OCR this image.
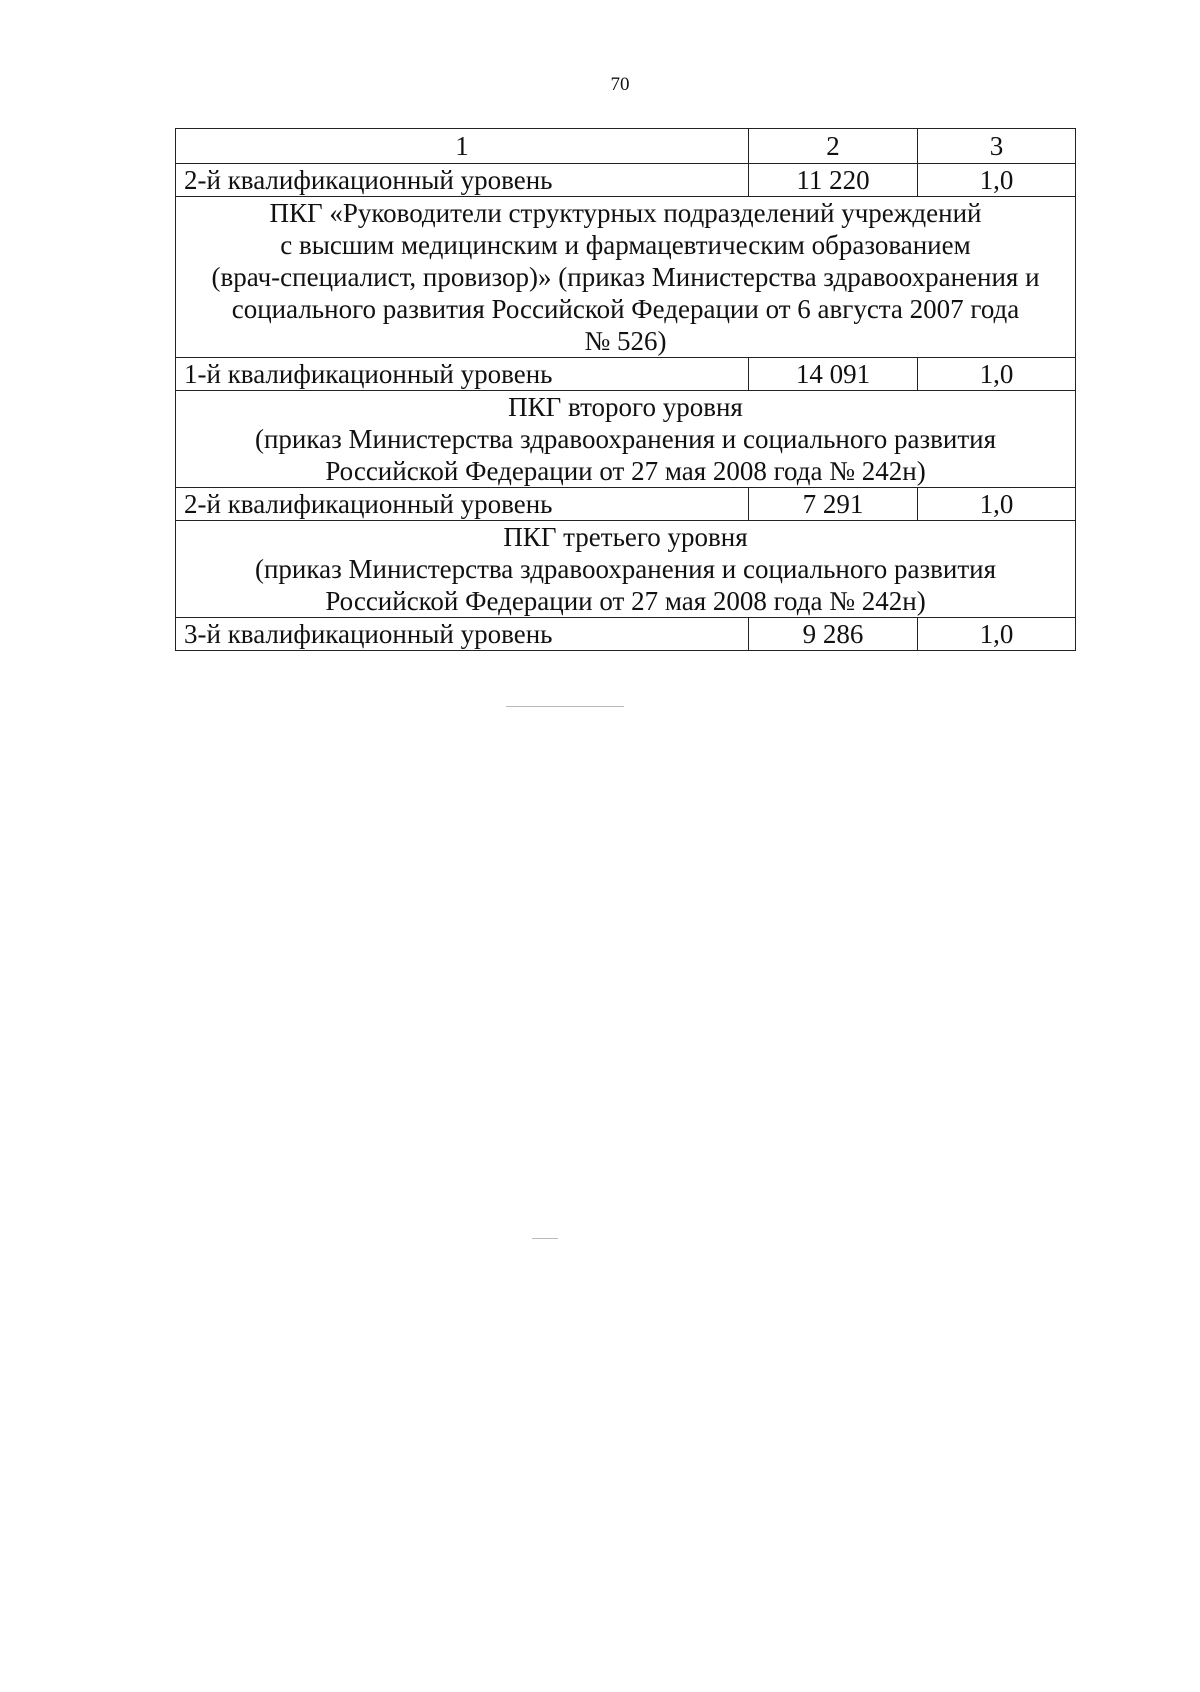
70
1	2	3
2-й квалификационный уровень	11 220	1,0

ПКГ «Руководители структурных подразделений учреждений
с высшим медицинским и фармацевтическим образованием
(врач-специалист, провизор)» (приказ Министерства здравоохранения и
социального развития Российской Федерации от 6 августа 2007 года
№ 526)		

1-й квалификационный уровень	14 091	1,0

ПКГ второго уровня
(приказ Министерства здравоохранения и социального развития
Российской Федерации от 27 мая 2008 года № 242н)		

2-й квалификационный уровень	7 291	1,0

ПКГ третьего уровня
(приказ Министерства здравоохранения и социального развития
Российской Федерации от 27 мая 2008 года № 242н)		

3-й квалификационный уровень	9 286	1,0
